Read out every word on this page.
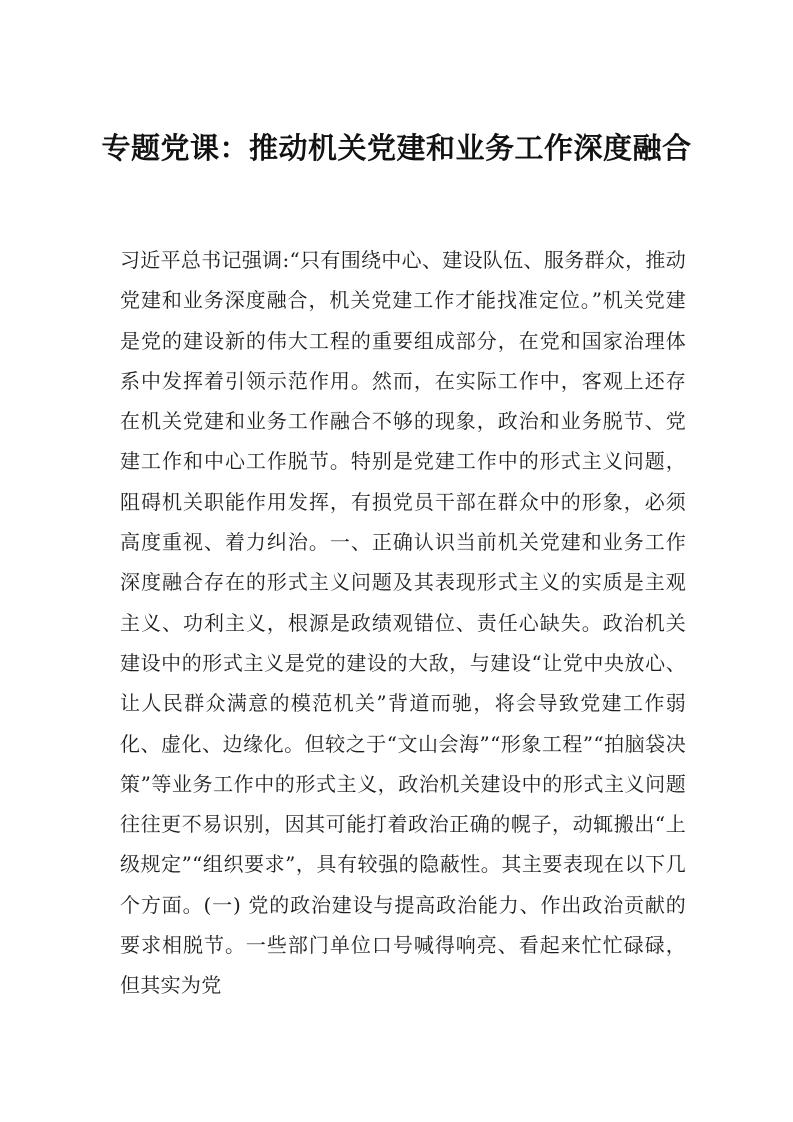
专题党课：推动机关党建和业务工作深度融合

习近平总书记强调:“只有围绕中心、建设队伍、服务群众，推动党建和业务深度融合，机关党建工作才能找准定位。”机关党建是党的建设新的伟大工程的重要组成部分，在党和国家治理体系中发挥着引领示范作用。然而，在实际工作中，客观上还存在机关党建和业务工作融合不够的现象，政治和业务脱节、党建工作和中心工作脱节。特别是党建工作中的形式主义问题，阻碍机关职能作用发挥，有损党员干部在群众中的形象，必须高度重视、着力纠治。一、正确认识当前机关党建和业务工作深度融合存在的形式主义问题及其表现形式主义的实质是主观主义、功利主义，根源是政绩观错位、责任心缺失。政治机关建设中的形式主义是党的建设的大敌，与建设“让党中央放心、让人民群众满意的模范机关”背道而驰，将会导致党建工作弱化、虚化、边缘化。但较之于“文山会海”“形象工程”“拍脑袋决策”等业务工作中的形式主义，政治机关建设中的形式主义问题往往更不易识别，因其可能打着政治正确的幌子，动辄搬出“上级规定”“组织要求”，具有较强的隐蔽性。其主要表现在以下几个方面。(一) 党的政治建设与提高政治能力、作出政治贡献的要求相脱节。一些部门单位口号喊得响亮、看起来忙忙碌碌，但其实为党
